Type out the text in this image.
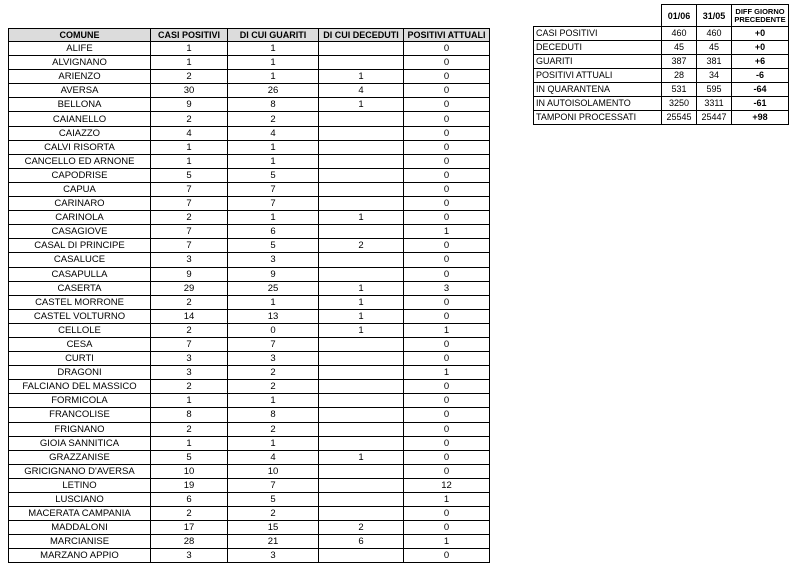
COMUNE	CASI POSITIVI	DI CUI GUARITI	DI CUI DECEDUTI	POSITIVI ATTUALI
ALIFE	1	1		0
ALVIGNANO	1	1		0
ARIENZO	2	1	1	0
AVERSA	30	26	4	0
BELLONA	9	8	1	0
CAIANELLO	2	2		0
CAIAZZO	4	4		0
CALVI RISORTA	1	1		0
CANCELLO ED ARNONE	1	1		0
CAPODRISE	5	5		0
CAPUA	7	7		0
CARINARO	7	7		0
CARINOLA	2	1	1	0
CASAGIOVE	7	6		1
CASAL DI PRINCIPE	7	5	2	0
CASALUCE	3	3		0
CASAPULLA	9	9		0
CASERTA	29	25	1	3
CASTEL MORRONE	2	1	1	0
CASTEL VOLTURNO	14	13	1	0
CELLOLE	2	0	1	1
CESA	7	7		0
CURTI	3	3		0
DRAGONI	3	2		1
FALCIANO DEL MASSICO	2	2		0
FORMICOLA	1	1		0
FRANCOLISE	8	8		0
FRIGNANO	2	2		0
GIOIA SANNITICA	1	1		0
GRAZZANISE	5	4	1	0
GRICIGNANO D'AVERSA	10	10		0
LETINO	19	7		12
LUSCIANO	6	5		1
MACERATA CAMPANIA	2	2		0
MADDALONI	17	15	2	0
MARCIANISE	28	21	6	1
MARZANO APPIO	3	3		0
	01/06	31/05	DIFF GIORNO PRECEDENTE
CASI POSITIVI	460	460	+0
DECEDUTI	45	45	+0
GUARITI	387	381	+6
POSITIVI ATTUALI	28	34	-6
IN QUARANTENA	531	595	-64
IN AUTOISOLAMENTO	3250	3311	-61
TAMPONI PROCESSATI	25545	25447	+98
